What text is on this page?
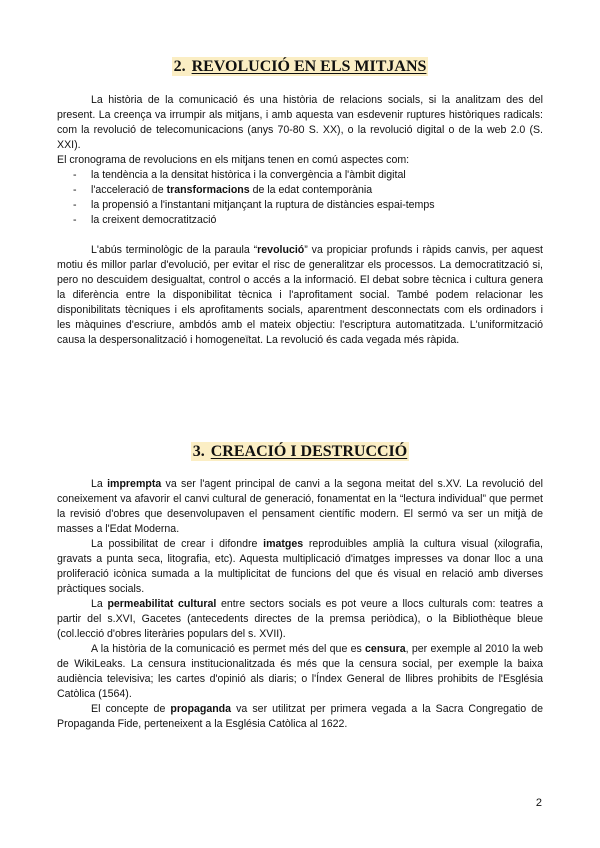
2. REVOLUCIÓ EN ELS MITJANS

La història de la comunicació és una història de relacions socials, si la analitzam des del present. La creença va irrumpir als mitjans, i amb aquesta van esdevenir ruptures històriques radicals: com la revolució de telecomunicacions (anys 70-80 S. XX), o la revolució digital o de la web 2.0 (S. XXI).

El cronograma de revolucions en els mitjans tenen en comú aspectes com:

- la tendència a la densitat històrica i la convergència a l'àmbit digital
- l'acceleració de transformacions de la edat contemporània
- la propensió a l'instantani mitjançant la ruptura de distàncies espai-temps
- la creixent democratització

L'abús terminològic de la paraula “revolució” va propiciar profunds i ràpids canvis, per aquest motiu és millor parlar d'evolució, per evitar el risc de generalitzar els processos. La democratització si, pero no descuidem desigualtat, control o accés a la informació. El debat sobre tècnica i cultura genera la diferència entre la disponibilitat tècnica i l'aprofitament social. També podem relacionar les disponibilitats tècniques i els aprofitaments socials, aparentment desconnectats com els ordinadors i les màquines d'escriure, ambdós amb el mateix objectiu: l'escriptura automatitzada. L'uniformització causa la despersonalització i homogeneïtat. La revolució és cada vegada més ràpida.

3. CREACIÓ I DESTRUCCIÓ

La imprempta va ser l'agent principal de canvi a la segona meitat del s.XV. La revolució del coneixement va afavorir el canvi cultural de generació, fonamentat en la “lectura individual” que permet la revisió d'obres que desenvolupaven el pensament científic modern. El sermó va ser un mitjà de masses a l'Edat Moderna.

La possibilitat de crear i difondre imatges reproduibles amplià la cultura visual (xilografia, gravats a punta seca, litografia, etc). Aquesta multiplicació d'imatges impresses va donar lloc a una proliferació icònica sumada a la multiplicitat de funcions del que és visual en relació amb diverses pràctiques socials.

La permeabilitat cultural entre sectors socials es pot veure a llocs culturals com: teatres a partir del s.XVI, Gacetes (antecedents directes de la premsa periòdica), o la Bibliothèque bleue (col.lecció d'obres literàries populars del s. XVII).

A la història de la comunicació es permet més del que es censura, per exemple al 2010 la web de WikiLeaks. La censura institucionalitzada és més que la censura social, per exemple la baixa audiència televisiva; les cartes d'opinió als diaris; o l'Índex General de llibres prohibits de l'Església Catòlica (1564).

El concepte de propaganda va ser utilitzat per primera vegada a la Sacra Congregatio de Propaganda Fide, perteneixent a la Església Catòlica al 1622.

2
